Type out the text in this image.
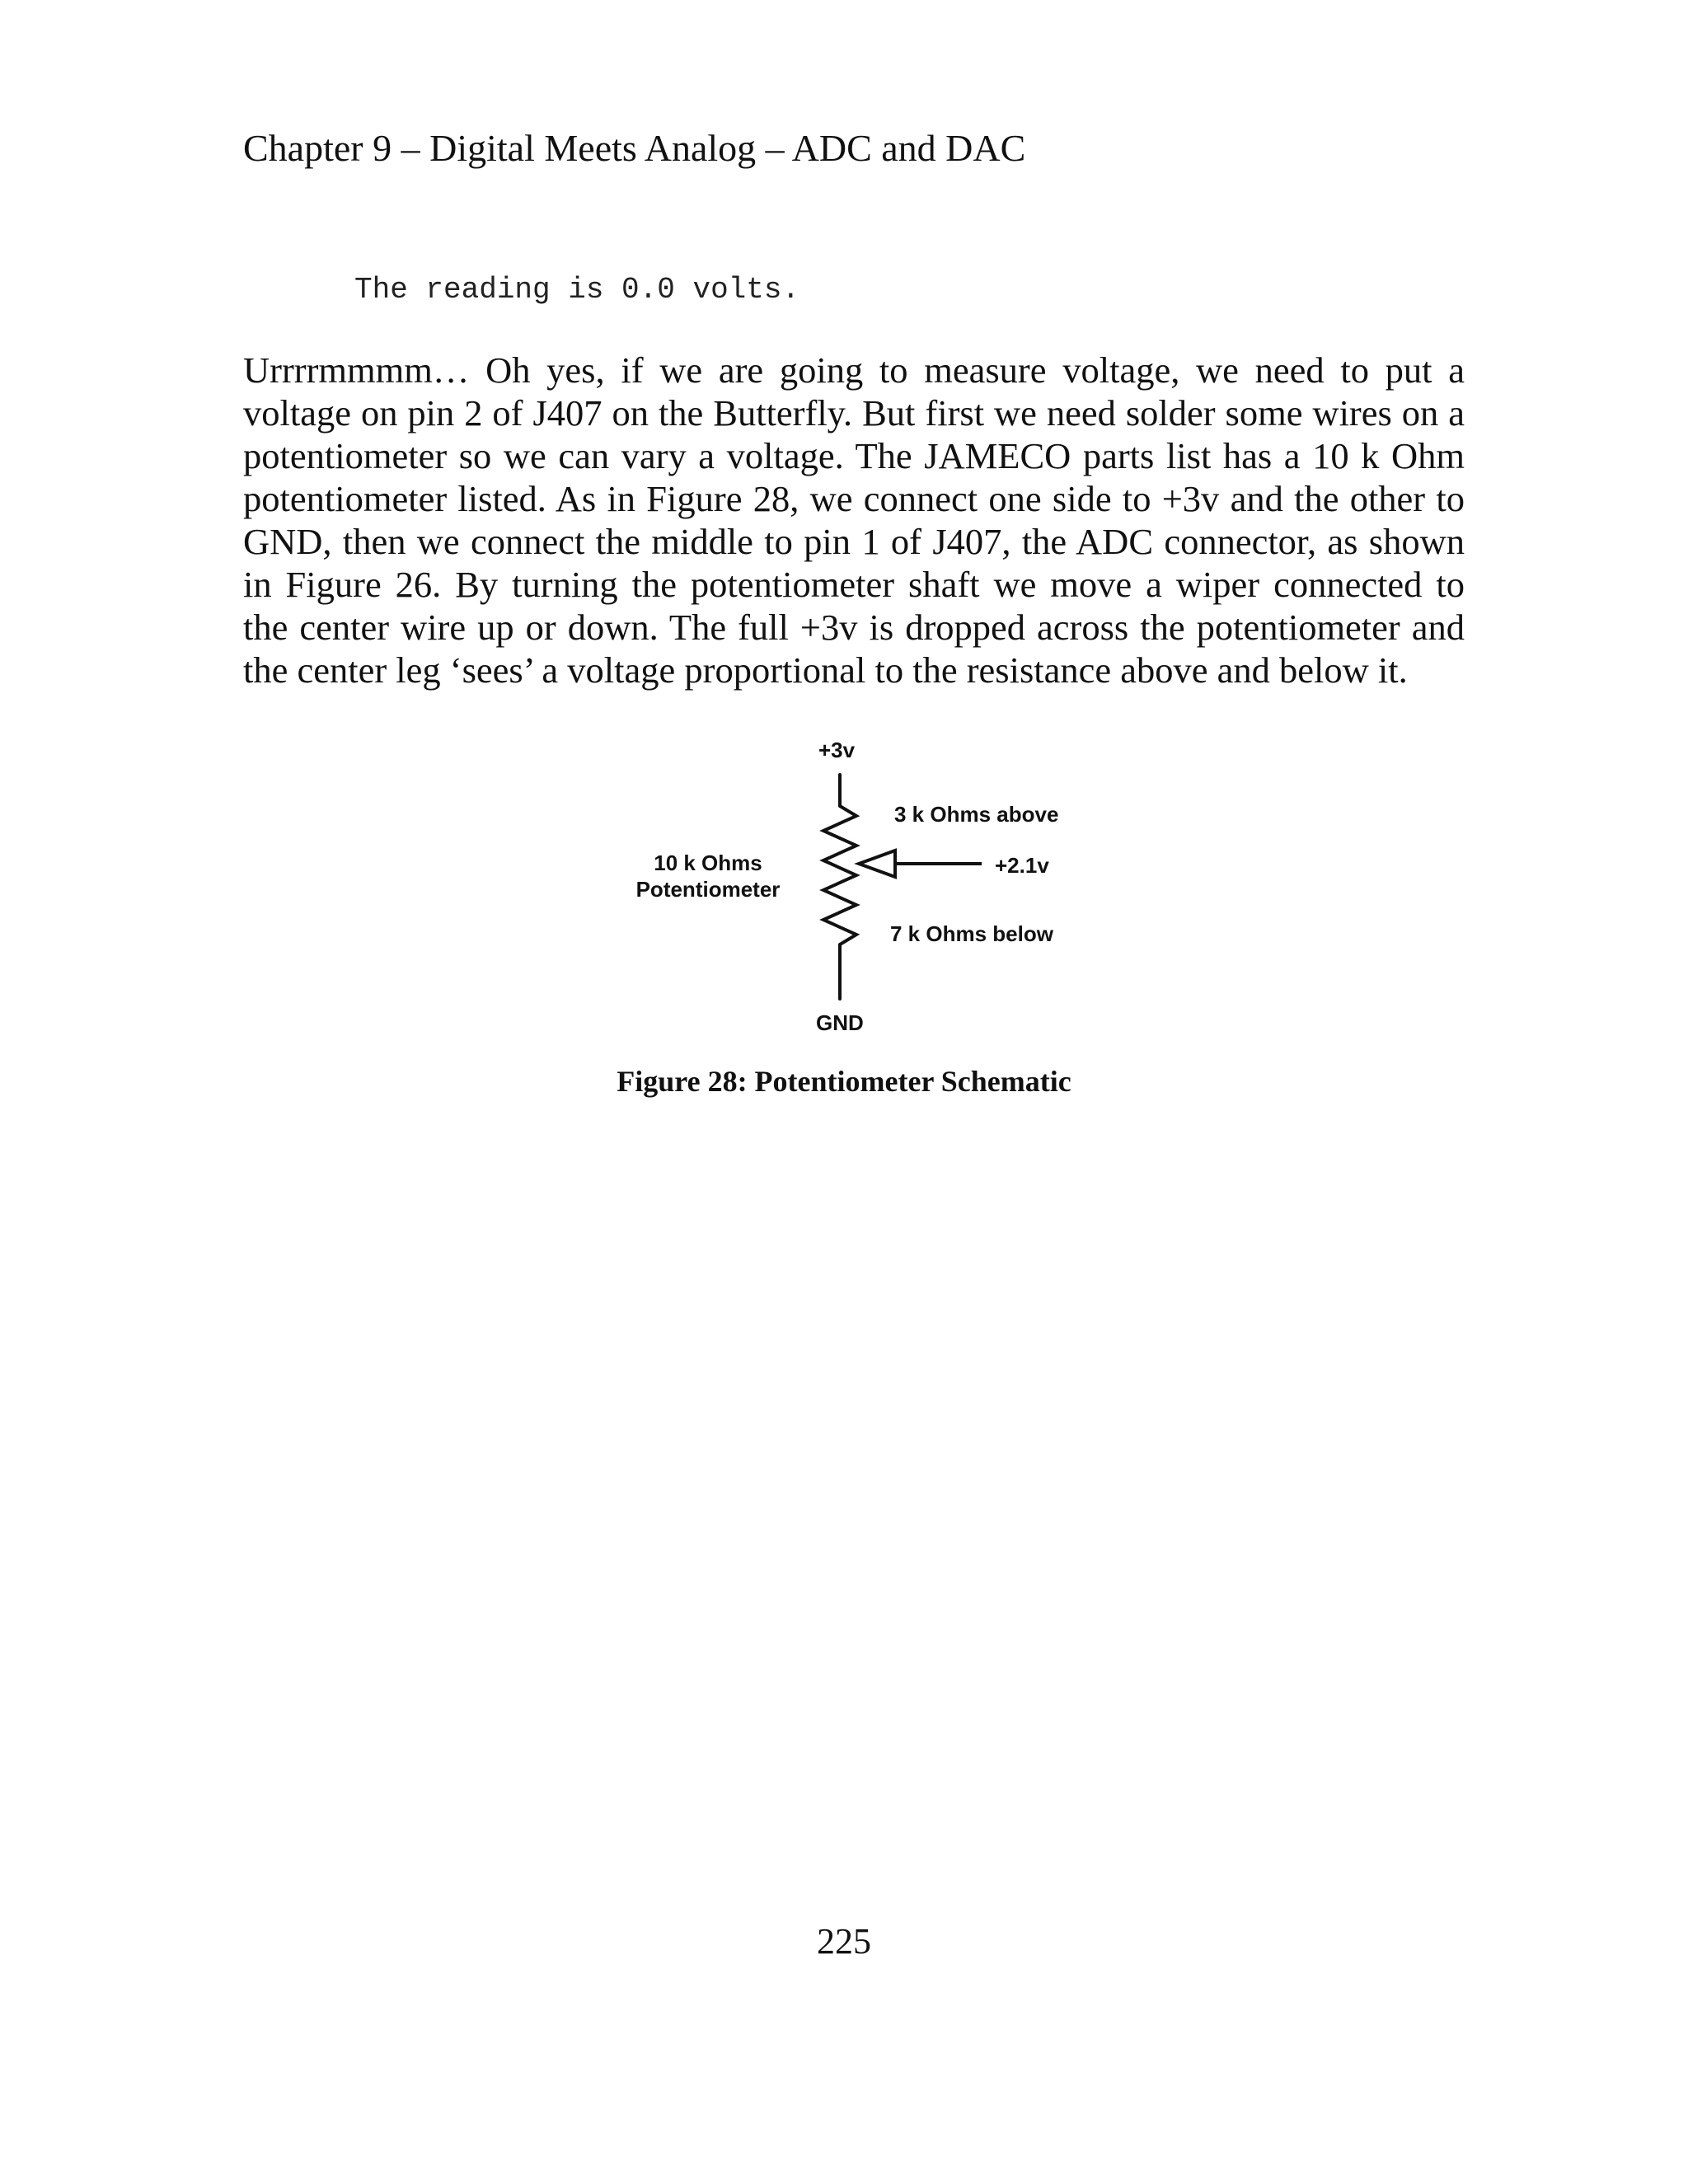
Chapter 9 – Digital Meets Analog – ADC and DAC
The reading is 0.0 volts.
Urrrrmmmm… Oh yes, if we are going to measure voltage, we need to put a
voltage on pin 2 of J407 on the Butterfly. But first we need solder some wires on a
potentiometer so we can vary a voltage. The JAMECO parts list has a 10 k Ohm
potentiometer listed. As in Figure 28, we connect one side to +3v and the other to
GND, then we connect the middle to pin 1 of J407, the ADC connector, as shown
in Figure 26. By turning the potentiometer shaft we move a wiper connected to
the center wire up or down. The full +3v is dropped across the potentiometer and
the center leg ‘sees’ a voltage proportional to the resistance above and below it.
+3v
3 k Ohms above
10 k Ohms
Potentiometer
+2.1v
7 k Ohms below
GND
Figure 28: Potentiometer Schematic
225
